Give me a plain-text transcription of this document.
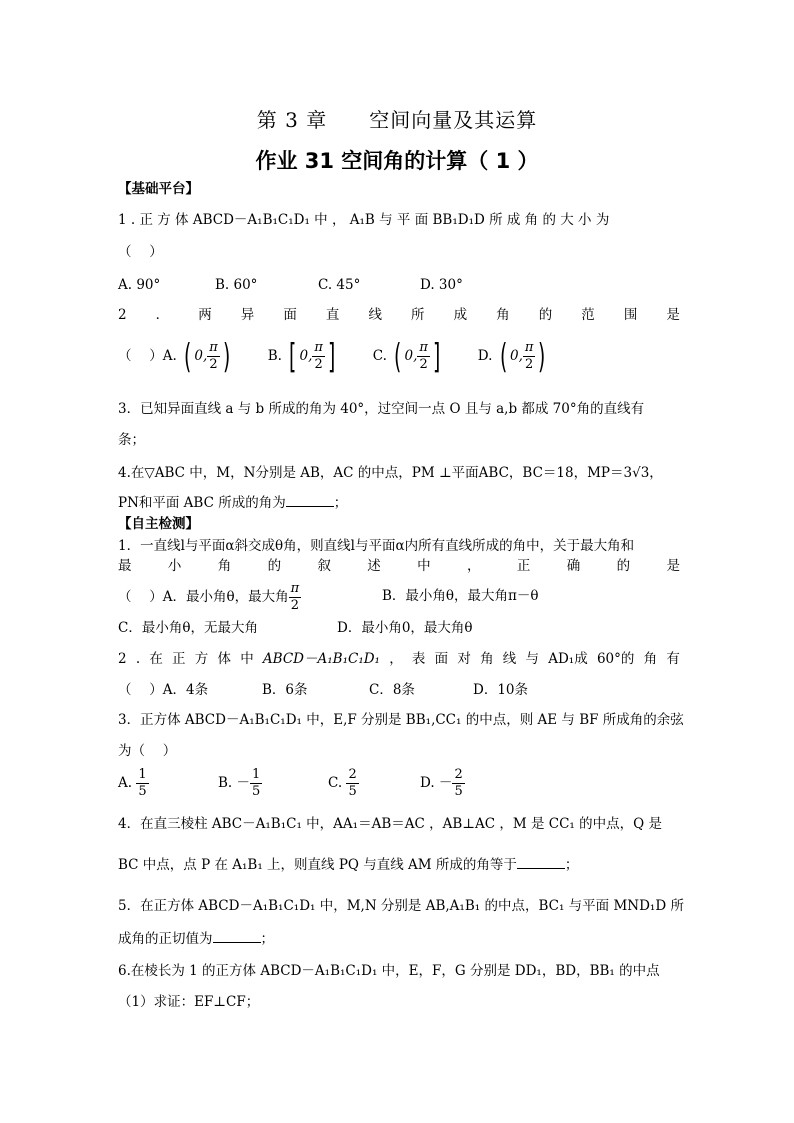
第 3 章 空间向量及其运算
作业 31 空间角的计算（ 1 ）
【基础平台】
1 . 正 方 体 ABCD－A₁B₁C₁D₁ 中 ， A₁B 与 平 面 BB₁D₁D 所 成 角 的 大 小 为
（　 ）
A. 90°	B. 60°	C. 45°	D. 30°
2 ． 两 异 面 直 线 所 成 角 的 范 围 是
（　 ）A. ( 0, $\frac{\pi}{2}$ )	B. [ 0, $\frac{\pi}{2}$ ]	C. ( 0, $\frac{\pi}{2}$ ]	D. ( 0, $\frac{\pi}{2}$ )
3．已知异面直线 a 与 b 所成的角为 40°，过空间一点 O 且与 a,b 都成 70°角的直线有
条；
4.在▽ABC 中，M，N分别是 AB，AC 的中点，PM ⊥平面ABC，BC＝18，MP＝3√3，
PN和平面 ABC 所成的角为	；
【自主检测】
1．一直线l与平面α斜交成θ角，则直线l与平面α内所有直线所成的角中，关于最大角和
最	小	角	的	叙	述	中	，	正	确	的	是
（　 ）A．最小角θ，最大角 $\frac{\pi}{2}$	B．最小角θ，最大角π－θ
C．最小角θ，无最大角	D．最小角0，最大角θ
2 . 在 正 方 体 中 ABCD－A₁B₁C₁D₁ ， 表 面 对 角 线 与 AD₁成 60°的 角 有
（　 ）A．4条	B．6条	C．8条	D．10条
3．正方体 ABCD－A₁B₁C₁D₁ 中，E,F 分别是 BB₁,CC₁ 的中点，则 AE 与 BF 所成角的余弦
为（　 ）
A. $\frac{1}{5}$	B. － $\frac{1}{5}$	C. $\frac{2}{5}$	D. － $\frac{2}{5}$
4．在直三棱柱 ABC－A₁B₁C₁ 中，AA₁＝AB＝AC ，AB⊥AC ，M 是 CC₁ 的中点，Q 是
BC 中点，点 P 在 A₁B₁ 上，则直线 PQ 与直线 AM 所成的角等于	；
5．在正方体 ABCD－A₁B₁C₁D₁ 中，M,N 分别是 AB,A₁B₁ 的中点，BC₁ 与平面 MND₁D 所
成角的正切值为	；
6.在棱长为 1 的正方体 ABCD－A₁B₁C₁D₁ 中，E，F，G 分别是 DD₁，BD，BB₁ 的中点
（1）求证：EF⊥CF；
